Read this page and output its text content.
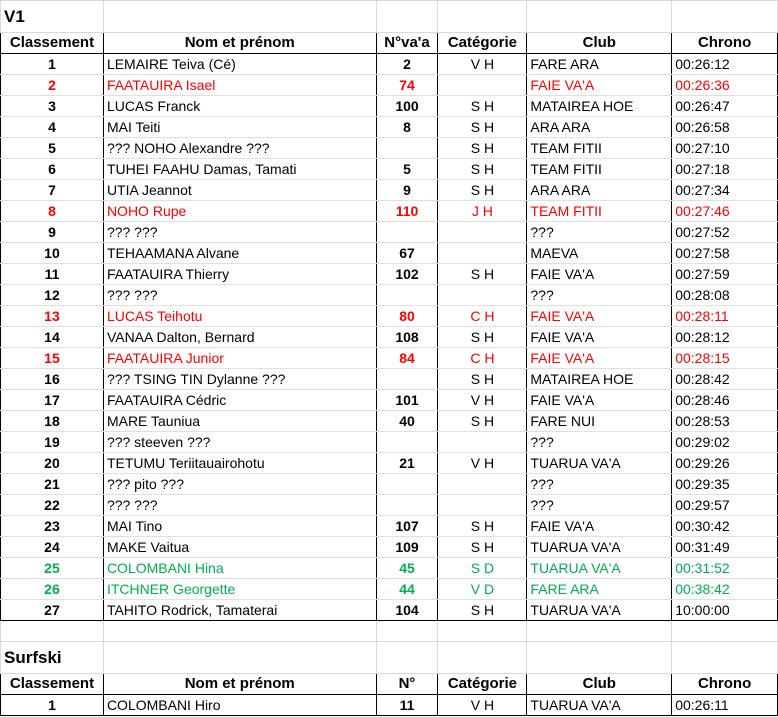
V1					
Classement	Nom et prénom	N°va'a	Catégorie	Club	Chrono
1	LEMAIRE Teiva (Cé)	2	V H	FARE ARA	00:26:12
2	FAATAUIRA Isael	74		FAIE VA'A	00:26:36
3	LUCAS Franck	100	S H	MATAIREA HOE	00:26:47
4	MAI Teiti	8	S H	ARA ARA	00:26:58
5	??? NOHO Alexandre ???		S H	TEAM FITII	00:27:10
6	TUHEI FAAHU Damas, Tamati	5	S H	TEAM FITII	00:27:18
7	UTIA Jeannot	9	S H	ARA ARA	00:27:34
8	NOHO Rupe	110	J H	TEAM FITII	00:27:46
9	??? ???			???	00:27:52
10	TEHAAMANA Alvane	67		MAEVA	00:27:58
11	FAATAUIRA Thierry	102	S H	FAIE VA'A	00:27:59
12	??? ???			???	00:28:08
13	LUCAS Teihotu	80	C H	FAIE VA'A	00:28:11
14	VANAA Dalton, Bernard	108	S H	FAIE VA'A	00:28:12
15	FAATAUIRA Junior	84	C H	FAIE VA'A	00:28:15
16	??? TSING TIN Dylanne ???		S H	MATAIREA HOE	00:28:42
17	FAATAUIRA Cédric	101	V H	FAIE VA'A	00:28:46
18	MARE Tauniua	40	S H	FARE NUI	00:28:53
19	??? steeven ???			???	00:29:02
20	TETUMU Teriitauairohotu	21	V H	TUARUA VA'A	00:29:26
21	??? pito ???			???	00:29:35
22	??? ???			???	00:29:57
23	MAI Tino	107	S H	FAIE VA'A	00:30:42
24	MAKE Vaitua	109	S H	TUARUA VA'A	00:31:49
25	COLOMBANI Hina	45	S D	TUARUA VA'A	00:31:52
26	ITCHNER Georgette	44	V D	FARE ARA	00:38:42
27	TAHITO Rodrick, Tamaterai	104	S H	TUARUA VA'A	10:00:00

Surfski					
Classement	Nom et prénom	N°	Catégorie	Club	Chrono
1	COLOMBANI Hiro	11	V H	TUARUA VA'A	00:26:11
